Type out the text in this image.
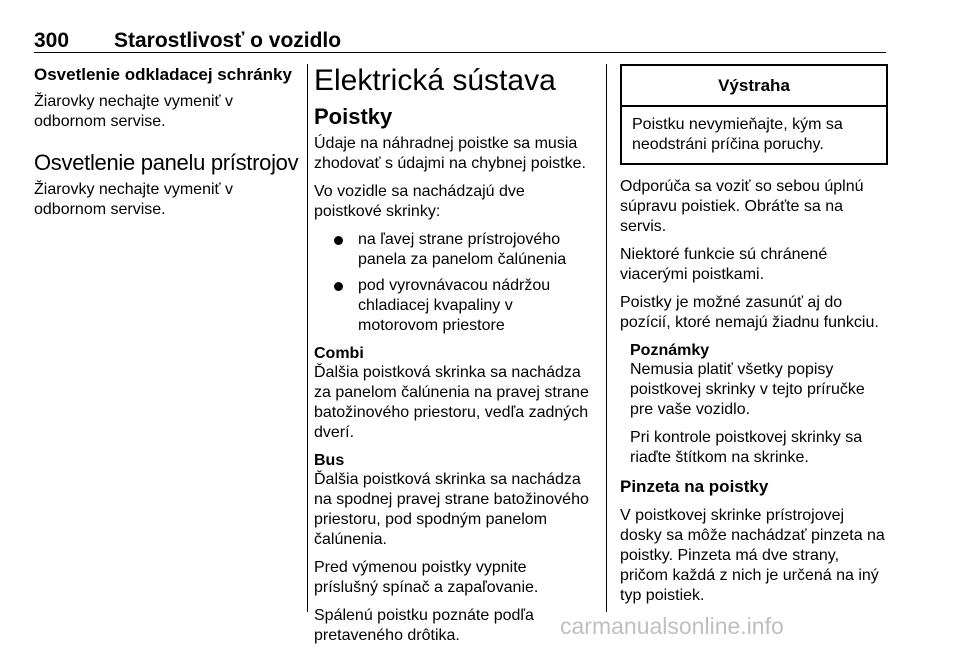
300 Starostlivosť o vozidlo
Osvetlenie odkladacej schránky

Žiarovky nechajte vymeniť v odbornom servise.

Osvetlenie panelu prístrojov

Žiarovky nechajte vymeniť v odbornom servise.

Elektrická sústava
Poistky

Údaje na náhradnej poistke sa musia zhodovať s údajmi na chybnej poistke.

Vo vozidle sa nachádzajú dve poistkové skrinky:

na ľavej strane prístrojového panela za panelom čalúnenia
pod vyrovnávacou nádržou chladiacej kvapaliny v motorovom priestore
Combi

Ďalšia poistková skrinka sa nachádza za panelom čalúnenia na pravej strane batožinového priestoru, vedľa zadných dverí.

Bus

Ďalšia poistková skrinka sa nachádza na spodnej pravej strane batožinového priestoru, pod spodným panelom čalúnenia.

Pred výmenou poistky vypnite príslušný spínač a zapaľovanie.

Spálenú poistku poznáte podľa pretaveného drôtika.

Výstraha
Poistku nevymieňajte, kým sa neodstráni príčina poruchy.

Odporúča sa voziť so sebou úplnú súpravu poistiek. Obráťte sa na servis.

Niektoré funkcie sú chránené viacerými poistkami.

Poistky je možné zasunúť aj do pozícií, ktoré nemajú žiadnu funkciu.

Poznámky

Nemusia platiť všetky popisy poistkovej skrinky v tejto príručke pre vaše vozidlo.

Pri kontrole poistkovej skrinky sa riaďte štítkom na skrinke.

Pinzeta na poistky

V poistkovej skrinke prístrojovej dosky sa môže nachádzať pinzeta na poistky. Pinzeta má dve strany, pričom každá z nich je určená na iný typ poistiek.

carmanualsonline.info
